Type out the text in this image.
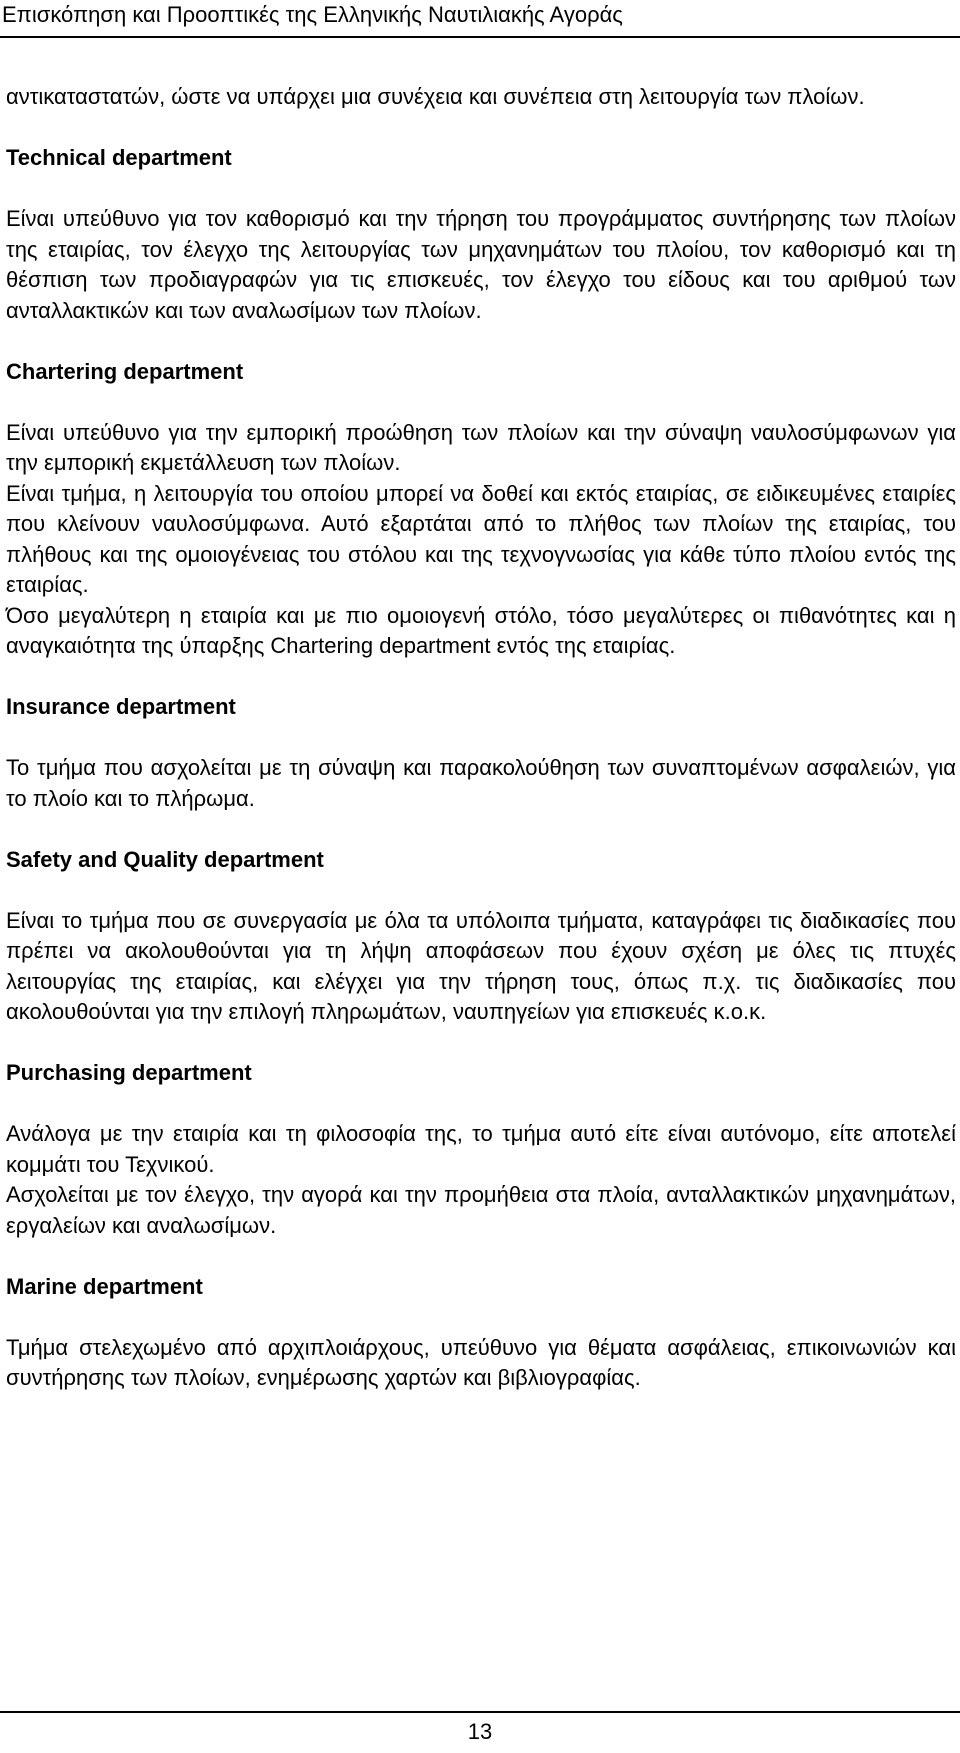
Επισκόπηση και Προοπτικές της Ελληνικής Ναυτιλιακής Αγοράς

αντικαταστατών, ώστε να υπάρχει μια συνέχεια και συνέπεια στη λειτουργία των πλοίων.

Technical department

Είναι υπεύθυνο για τον καθορισμό και την τήρηση του προγράμματος συντήρησης των πλοίων της εταιρίας, τον έλεγχο της λειτουργίας των μηχανημάτων του πλοίου, τον καθορισμό και τη θέσπιση των προδιαγραφών για τις επισκευές, τον έλεγχο του είδους και του αριθμού των ανταλλακτικών και των αναλωσίμων των πλοίων.

Chartering department

Είναι υπεύθυνο για την εμπορική προώθηση των πλοίων και την σύναψη ναυλοσύμφωνων για την εμπορική εκμετάλλευση των πλοίων.

Είναι τμήμα, η λειτουργία του οποίου μπορεί να δοθεί και εκτός εταιρίας, σε ειδικευμένες εταιρίες που κλείνουν ναυλοσύμφωνα. Αυτό εξαρτάται από το πλήθος των πλοίων της εταιρίας, του πλήθους και της ομοιογένειας του στόλου και της τεχνογνωσίας για κάθε τύπο πλοίου εντός της εταιρίας.

Όσο μεγαλύτερη η εταιρία και με πιο ομοιογενή στόλο, τόσο μεγαλύτερες οι πιθανότητες και η αναγκαιότητα της ύπαρξης Chartering department εντός της εταιρίας.

Insurance department

Το τμήμα που ασχολείται με τη σύναψη και παρακολούθηση των συναπτομένων ασφαλειών, για το πλοίο και το πλήρωμα.

Safety and Quality department

Είναι το τμήμα που σε συνεργασία με όλα τα υπόλοιπα τμήματα, καταγράφει τις διαδικασίες που πρέπει να ακολουθούνται για τη λήψη αποφάσεων που έχουν σχέση με όλες τις πτυχές λειτουργίας της εταιρίας, και ελέγχει για την τήρηση τους, όπως π.χ. τις διαδικασίες που ακολουθούνται για την επιλογή πληρωμάτων, ναυπηγείων για επισκευές κ.ο.κ.

Purchasing department

Ανάλογα με την εταιρία και τη φιλοσοφία της, το τμήμα αυτό είτε είναι αυτόνομο, είτε αποτελεί κομμάτι του Τεχνικού.

Ασχολείται με τον έλεγχο, την αγορά και την προμήθεια στα πλοία, ανταλλακτικών μηχανημάτων, εργαλείων και αναλωσίμων.

Marine department

Τμήμα στελεχωμένο από αρχιπλοιάρχους, υπεύθυνο για θέματα ασφάλειας, επικοινωνιών και συντήρησης των πλοίων, ενημέρωσης χαρτών και βιβλιογραφίας.

13
